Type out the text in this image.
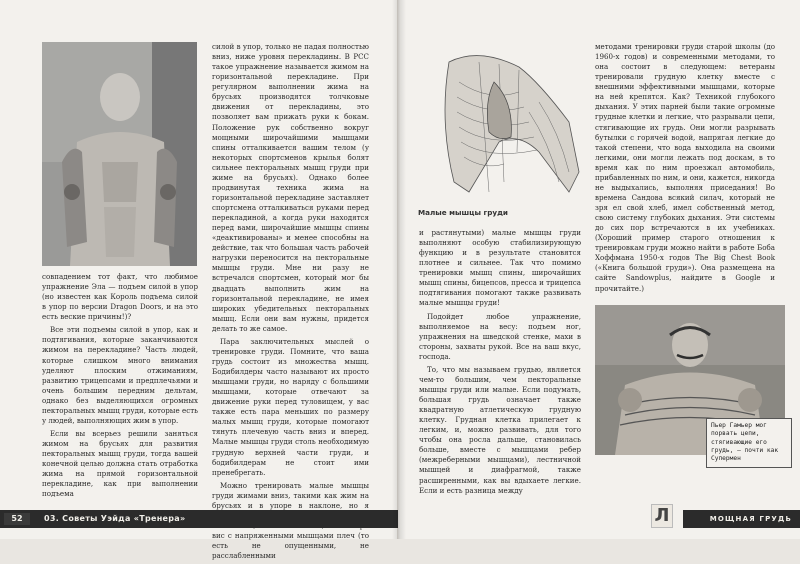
совпадением тот факт, что любимое упражнение Эла — подъем силой в упор (но известен как Король подъема силой в упор по версии Dragon Doors, и на это есть веские причины!)?

Все эти подъемы силой в упор, как и подтягивания, которые заканчиваются жимом на перекладине? Часть людей, которые слишком много внимания уделяют плоским отжиманиям, развитию трицепсами и предплечьями и очень большим передним дельтам, однако без выделяющихся огромных пекторальных мышц груди, которые есть у людей, выполняющих жим в упор.

Если вы всерьез решили заняться жимом на брусьях для развития пекторальных мышц груди, тогда вашей конечной целью должна стать отработка жима на прямой горизонтальной перекладине, как при выполнении подъема

силой в упор, только не падая полностью вниз, ниже уровня перекладины. В РСС такое упражнение называется жимом на горизонтальной перекладине. При регулярном выполнении жима на брусьях производятся толчковые движения от перекладины, это позволяет вам прижать руки к бокам. Положение рук собственно вокруг мощными широчайшими мышцами спины отталкивается вашим телом (у некоторых спортсменов крылья болят сильнее пекторальных мышц груди при жиме на брусьях). Однако более продвинутая техника жима на горизонтальной перекладине заставляет спортсмена отталкиваться руками перед перекладиной, а когда руки находятся перед вами, широчайшие мышцы спины «деактивированы» и менее способны на действие, так что большая часть рабочей нагрузки переносится на пекторальные мышцы груди. Мне ни разу не встречался спортсмен, который мог бы двадцать выполнить жим на горизонтальной перекладине, не имея широких убедительных пекторальных мышц. Если они вам нужны, придется делать то же самое.

Пара заключительных мыслей о тренировке груди. Помните, что ваша грудь состоит из множества мышц. Бодибилдеры часто называют их просто мышцами груди, но наряду с большими мышцами, которые отвечают за движение руки перед туловищем, у вас также есть пара меньших по размеру малых мышц груди, которые помогают тянуть плечевую часть вниз и вперед. Малые мышцы груди столь необходимую грудную верхней части груди, и бодибилдерам не стоит ими пренебрегать.

Можно тренировать малые мышцы груди жимами вниз, такими как жим на брусьях и в упоре в наклоне, но я вис с напряженными мышцами плеч (то есть не опущенными, не расслабленными

52	03. Советы Уэйда «Тренера»
Малые мышцы груди

и растянутыми) малые мышцы груди выполняют особую стабилизирующую функцию и в результате становятся плотнее и сильнее. Так что помимо тренировки мышц спины, широчайших мышц спины, бицепсов, пресса и трицепса подтягивания помогают также развивать малые мышцы груди!

Подойдет любое упражнение, выполняемое на весу: подъем ног, упражнения на шведской стенке, махи в стороны, захваты рукой. Все на ваш вкус, господа.

То, что мы называем грудью, является чем-то большим, чем пекторальные мышцы груди или малые. Если подумать, большая грудь означает также квадратную атлетическую грудную клетку. Грудная клетка прилегает к легким, и, можно развивать, для того чтобы она росла дальше, становилась больше, вместе с мышцами ребер (межреберными мышцами), лестничной мышцей и диафрагмой, также расширенными, как вы вдыхаете легкие. Если и есть разница между

методами тренировки груди старой школы (до 1960-х годов) и современными методами, то она состоит в следующем: ветераны тренировали грудную клетку вместе с внешними эффективными мышцами, которые на ней крепятся. Как? Техникой глубокого дыхания. У этих парней были такие огромные грудные клетки и легкие, что разрывали цепи, стягивающие их грудь. Они могли разрывать бутылки с горячей водой, напрягая легкие до такой степени, что вода выходила на своими легкими, они могли лежать под доскам, в то время как по ним проезжал автомобиль, прибавленных по ним, и они, кажется, никогда не выдыхались, выполняя приседания! Во времена Сандова всякий силач, который не зря ел свой хлеб, имел собственный метод, свою систему глубоких дыхания. Эти системы до сих пор встречаются в их учебниках. (Хороший пример старого отношения к тренировкам груди можно найти в работе Боба Хоффмана 1950-х годов The Big Chest Book («Книга большой груди»). Она размещена на сайте Sandowplus, найдите в Google и прочитайте.)

Пьер Гамьер мог порвать цепи, стягивающие его грудь, — почти как Супермен
Л	МОЩНАЯ ГРУДЬ
